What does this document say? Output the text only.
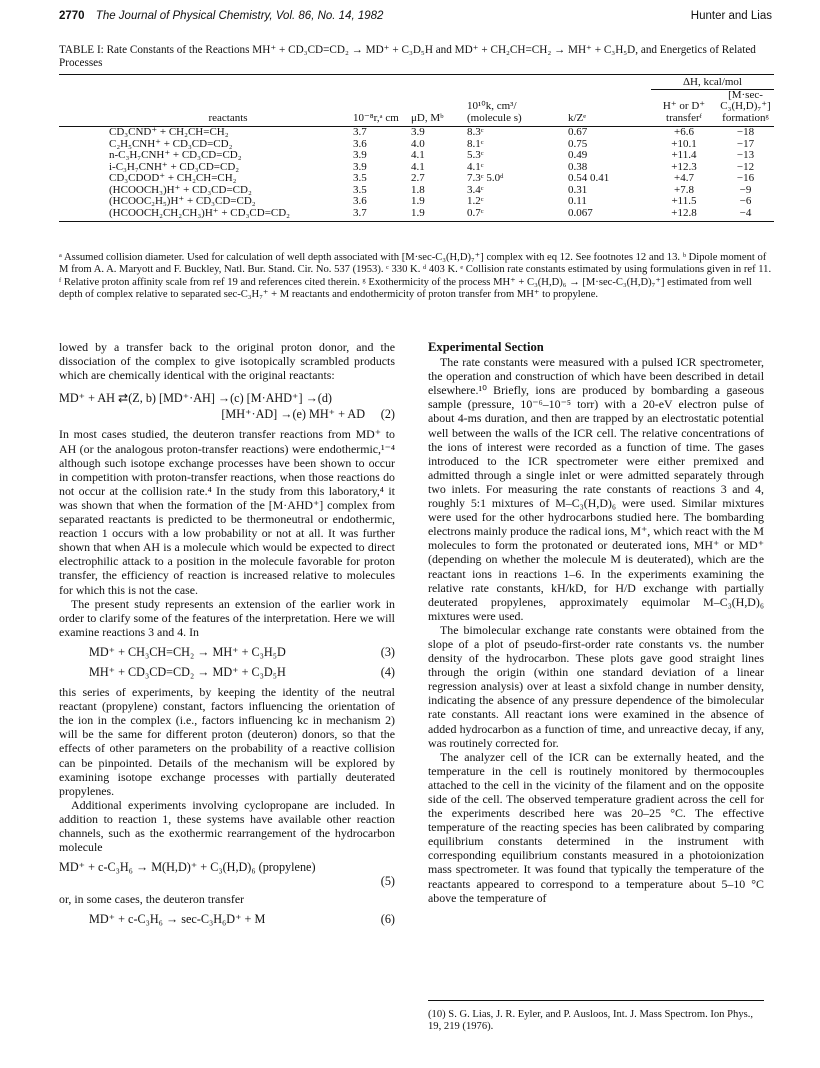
2770 The Journal of Physical Chemistry, Vol. 86, No. 14, 1982	Hunter and Lias
TABLE I: Rate Constants of the Reactions MH⁺ + CD₃CD=CD₂ → MD⁺ + C₃D₅H and MD⁺ + CH₂CH=CH₂ → MH⁺ + C₃H₅D, and Energetics of Related Processes
					ΔH, kcal/mol	

reactants	10⁻⁸r,ᵃ cm	μD, Mᵇ	10¹⁰k, cm³/ (molecule s)	k/Zᵉ	H⁺ or D⁺ transferᶠ	[M·sec-C₃(H,D)₇⁺] formationᵍ
CD₃CND⁺ + CH₂CH=CH₂	3.7	3.9	8.3ᶜ	0.67	+6.6	−18
C₂H₅CNH⁺ + CD₃CD=CD₂	3.6	4.0	8.1ᶜ	0.75	+10.1	−17
n-C₃H₇CNH⁺ + CD₃CD=CD₂	3.9	4.1	5.3ᶜ	0.49	+11.4	−13
i-C₃H₇CNH⁺ + CD₃CD=CD₂	3.9	4.1	4.1ᶜ	0.38	+12.3	−12
CD₃CDOD⁺ + CH₂CH=CH₂	3.5	2.7	7.3ᶜ 5.0ᵈ	0.54 0.41	+4.7	−16
(HCOOCH₃)H⁺ + CD₃CD=CD₂	3.5	1.8	3.4ᶜ	0.31	+7.8	−9
(HCOOC₂H₅)H⁺ + CD₃CD=CD₂	3.6	1.9	1.2ᶜ	0.11	+11.5	−6
(HCOOCH₂CH₂CH₃)H⁺ + CD₃CD=CD₂	3.7	1.9	0.7ᶜ	0.067	+12.8	−4
ᵃ Assumed collision diameter. Used for calculation of well depth associated with [M·sec-C₃(H,D)₇⁺] complex with eq 12. See footnotes 12 and 13. ᵇ Dipole moment of M from A. A. Maryott and F. Buckley, Natl. Bur. Stand. Cir. No. 537 (1953). ᶜ 330 K. ᵈ 403 K. ᵉ Collision rate constants estimated by using formulations given in ref 11. ᶠ Relative proton affinity scale from ref 19 and references cited therein. ᵍ Exothermicity of the process MH⁺ + C₃(H,D)₆ → [M·sec-C₃(H,D)₇⁺] estimated from well depth of complex relative to separated sec-C₃H₇⁺ + M reactants and endothermicity of proton transfer from MH⁺ to propylene.

lowed by a transfer back to the original proton donor, and the dissociation of the complex to give isotopically scrambled products which are chemically identical with the original reactants:

MD⁺ + AH ⇄(Z, b) [MD⁺·AH] →(c) [M·AHD⁺] →(d)
[MH⁺·AD] →(e) MH⁺ + AD (2)

In most cases studied, the deuteron transfer reactions from MD⁺ to AH (or the analogous proton-transfer reactions) were endothermic,¹⁻⁴ although such isotope exchange processes have been shown to occur in competition with proton-transfer reactions, when those reactions do not occur at the collision rate.⁴ In the study from this laboratory,⁴ it was shown that when the formation of the [M·AHD⁺] complex from separated reactants is predicted to be thermoneutral or endothermic, reaction 1 occurs with a low probability or not at all. It was further shown that when AH is a molecule which would be expected to direct electrophilic attack to a position in the molecule favorable for proton transfer, the efficiency of reaction is increased relative to molecules for which this is not the case.

The present study represents an extension of the earlier work in order to clarify some of the features of the interpretation. Here we will examine reactions 3 and 4. In

MD⁺ + CH₃CH=CH₂ → MH⁺ + C₃H₅D	(3)
MH⁺ + CD₃CD=CD₂ → MD⁺ + C₃D₅H	(4)

this series of experiments, by keeping the identity of the neutral reactant (propylene) constant, factors influencing the orientation of the ion in the complex (i.e., factors influencing kc in mechanism 2) will be the same for different proton (deuteron) donors, so that the effects of other parameters on the probability of a reactive collision can be pinpointed. Details of the mechanism will be explored by examining isotope exchange processes with partially deuterated propylenes.

Additional experiments involving cyclopropane are included. In addition to reaction 1, these systems have available other reaction channels, such as the exothermic rearrangement of the hydrocarbon molecule

MD⁺ + c-C₃H₆ → M(H,D)⁺ + C₃(H,D)₆ (propylene)
(5)

or, in some cases, the deuteron transfer

MD⁺ + c-C₃H₆ → sec-C₃H₆D⁺ + M	(6)

Experimental Section

The rate constants were measured with a pulsed ICR spectrometer, the operation and construction of which have been described in detail elsewhere.¹⁰ Briefly, ions are produced by bombarding a gaseous sample (pressure, 10⁻⁶–10⁻⁵ torr) with a 20-eV electron pulse of about 4-ms duration, and then are trapped by an electrostatic potential well between the walls of the ICR cell. The relative concentrations of the ions of interest were recorded as a function of time. The gases introduced to the ICR spectrometer were either premixed and admitted through a single inlet or were admitted separately through two inlets. For measuring the rate constants of reactions 3 and 4, roughly 5:1 mixtures of M–C₃(H,D)₆ were used. Similar mixtures were used for the other hydrocarbons studied here. The bombarding electrons mainly produce the radical ions, M⁺, which react with the M molecules to form the protonated or deuterated ions, MH⁺ or MD⁺ (depending on whether the molecule M is deuterated), which are the reactant ions in reactions 1–6. In the experiments examining the relative rate constants, kH/kD, for H/D exchange with partially deuterated propylenes, approximately equimolar M–C₃(H,D)₆ mixtures were used.

The bimolecular exchange rate constants were obtained from the slope of a plot of pseudo-first-order rate constants vs. the number density of the hydrocarbon. These plots gave good straight lines through the origin (within one standard deviation of a linear regression analysis) over at least a sixfold change in number density, indicating the absence of any pressure dependence of the bimolecular rate constants. All reactant ions were examined in the absence of added hydrocarbon as a function of time, and unreactive decay, if any, was routinely corrected for.

The analyzer cell of the ICR can be externally heated, and the temperature in the cell is routinely monitored by thermocouples attached to the cell in the vicinity of the filament and on the opposite side of the cell. The observed temperature gradient across the cell for the experiments described here was 20–25 °C. The effective temperature of the reacting species has been calibrated by comparing equilibrium constants determined in the instrument with corresponding equilibrium constants measured in a photoionization mass spectrometer. It was found that typically the temperature of the reactants appeared to correspond to a temperature about 5–10 °C above the temperature of

(10) S. G. Lias, J. R. Eyler, and P. Ausloos, Int. J. Mass Spectrom. Ion Phys., 19, 219 (1976).
